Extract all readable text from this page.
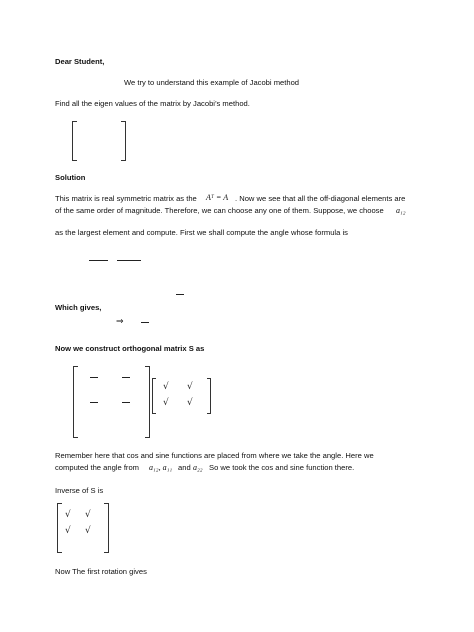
Dear Student,
We try to understand this example of Jacobi method
Find all the eigen values of the matrix by Jacobi’s method.
Solution
This matrix is real symmetric matrix as the Aᵀ = A . Now we see that all the off-diagonal elements are
of the same order of magnitude. Therefore, we can choose any one of them. Suppose, we choose a₁₂
as the largest element and compute. First we shall compute the angle whose formula is
Which gives,
⇒
Now we construct orthogonal matrix S as
√ √
√ √
Remember here that cos and sine functions are placed from where we take the angle. Here we
computed the angle from a₁₂, a₁₁ and a₂₂ So we took the cos and sine function there.
Inverse of S is
√ √
√ √
Now The first rotation gives
